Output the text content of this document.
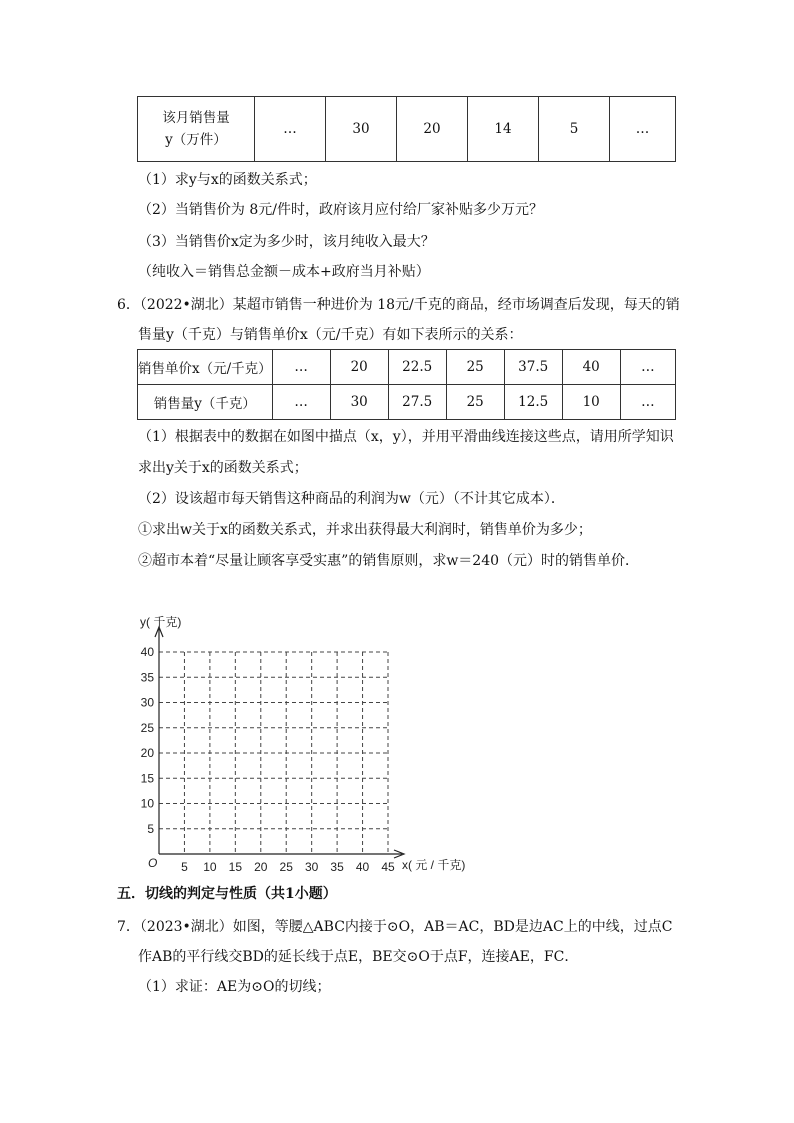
该月销售量
y（万件）
	…	30	20	14	5	…
（1）求y与x的函数关系式；
（2）当销售价为 8元/件时，政府该月应付给厂家补贴多少万元？
（3）当销售价x定为多少时，该月纯收入最大？
（纯收入＝销售总金额－成本+政府当月补贴）
6．（2022•湖北）某超市销售一种进价为 18元/千克的商品，经市场调查后发现，每天的销
售量y（千克）与销售单价x（元/千克）有如下表所示的关系：
销售单价x（元/千克）	…	20	22.5	25	37.5	40	…
销售量y（千克）	…	30	27.5	25	12.5	10	…
（1）根据表中的数据在如图中描点（x，y），并用平滑曲线连接这些点，请用所学知识
求出y关于x的函数关系式；
（2）设该超市每天销售这种商品的利润为w（元）（不计其它成本）．
①求出w关于x的函数关系式，并求出获得最大利润时，销售单价为多少；
②超市本着“尽量让顾客享受实惠”的销售原则，求w＝240（元）时的销售单价．
5 10 15 20 25 30 35 40 45
5
10
15
20
25
30
35
40
y( 千克)
x( 元 / 千克)
O
五．切线的判定与性质（共1小题）
7．（2023•湖北）如图，等腰△ABC内接于⊙O，AB＝AC，BD是边AC上的中线，过点C
作AB的平行线交BD的延长线于点E，BE交⊙O于点F，连接AE，FC．
（1）求证：AE为⊙O的切线；
